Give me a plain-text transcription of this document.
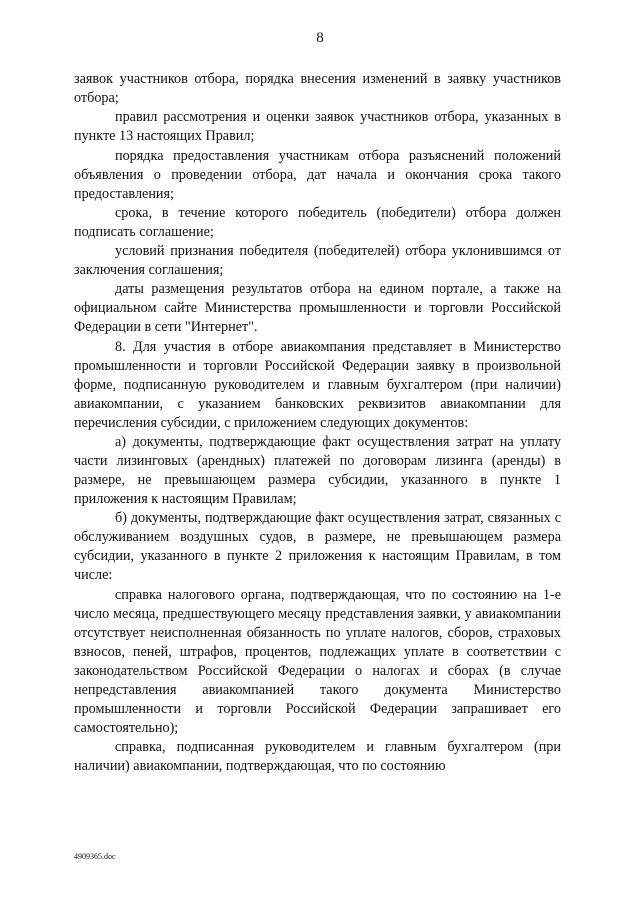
8

заявок участников отбора, порядка внесения изменений в заявку участников отбора;

правил рассмотрения и оценки заявок участников отбора, указанных в пункте 13 настоящих Правил;

порядка предоставления участникам отбора разъяснений положений объявления о проведении отбора, дат начала и окончания срока такого предоставления;

срока, в течение которого победитель (победители) отбора должен подписать соглашение;

условий признания победителя (победителей) отбора уклонившимся от заключения соглашения;

даты размещения результатов отбора на едином портале, а также на официальном сайте Министерства промышленности и торговли Российской Федерации в сети "Интернет".

8. Для участия в отборе авиакомпания представляет в Министерство промышленности и торговли Российской Федерации заявку в произвольной форме, подписанную руководителем и главным бухгалтером (при наличии) авиакомпании, с указанием банковских реквизитов авиакомпании для перечисления субсидии, с приложением следующих документов:

а) документы, подтверждающие факт осуществления затрат на уплату части лизинговых (арендных) платежей по договорам лизинга (аренды) в размере, не превышающем размера субсидии, указанного в пункте 1 приложения к настоящим Правилам;

б) документы, подтверждающие факт осуществления затрат, связанных с обслуживанием воздушных судов, в размере, не превышающем размера субсидии, указанного в пункте 2 приложения к настоящим Правилам, в том числе:

справка налогового органа, подтверждающая, что по состоянию на 1-е число месяца, предшествующего месяцу представления заявки, у авиакомпании отсутствует неисполненная обязанность по уплате налогов, сборов, страховых взносов, пеней, штрафов, процентов, подлежащих уплате в соответствии с законодательством Российской Федерации о налогах и сборах (в случае непредставления авиакомпанией такого документа Министерство промышленности и торговли Российской Федерации запрашивает его самостоятельно);

справка, подписанная руководителем и главным бухгалтером (при наличии) авиакомпании, подтверждающая, что по состоянию

4909365.doc
